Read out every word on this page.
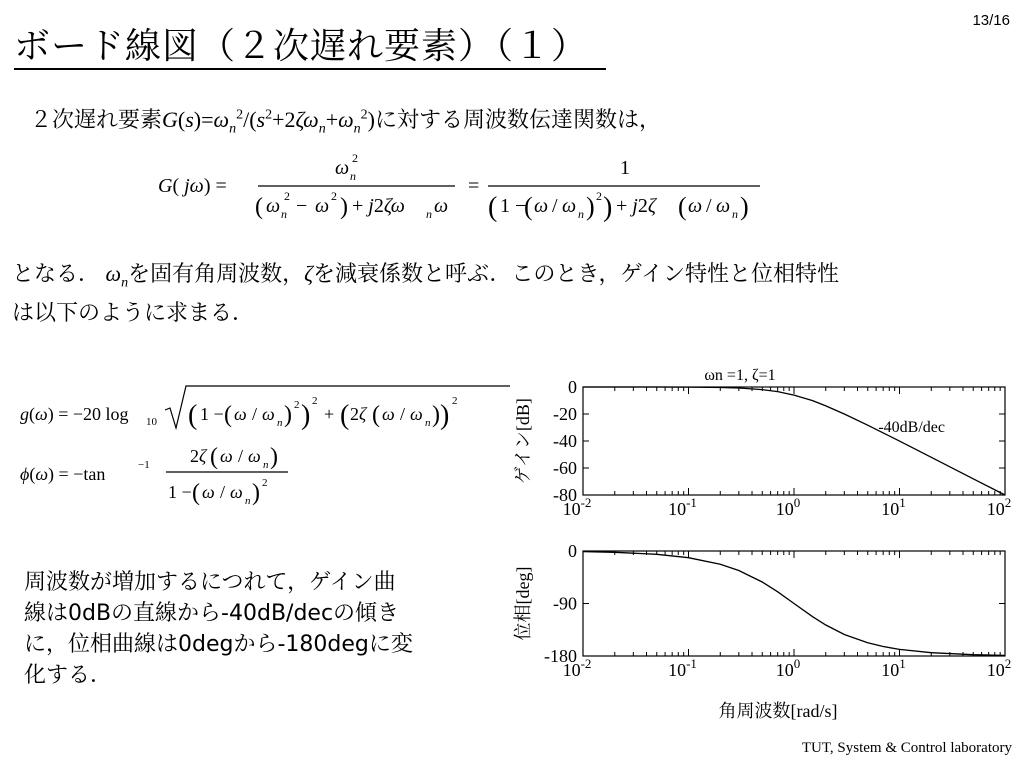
ボード線図（２次遅れ要素）（１）
13/16
２次遅れ要素$G(s)=\omega_n^2/(s^2+2\zeta\omega_n+\omega_n^2)$に対する周波数伝達関数は，
G( jω) =
ω n
2
( ω n
2 − ω 2 ) + j2ζω n ω
=
1
( 1 −
( ω / ω n ) 2 ) + j2ζ ( ω / ω n )
となる． $\omega_n$を固有角周波数，ζを減衰係数と呼ぶ．このとき，ゲイン特性と位相特性
は以下のように求まる．
g(ω) = −20 log 10 ( 1 − ( ω / ω n ) 2 ) 2
+ ( 2ζ ( ω / ω n ) ) 2
ϕ(ω) = −tan	−1 2ζ ( ω / ω n )
1 − ( ω / ω n ) 2
ωn =1, ζ=1
0
-20
-40
-60
-80
$10^{-2}$	$10^{-1}$	$10^0$	$10^1$	$10^2$
-40dB/dec
0
-90
-180
$10^{-2}$	$10^{-1}$	$10^0$	$10^1$	$10^2$
ゲイン[dB]
位相[deg]
角周波数[rad/s]
周波数が増加するにつれて，ゲイン曲
線は0dBの直線から-40dB/decの傾き
に，位相曲線は0degから-180degに変
化する．
TUT, System & Control laboratory
